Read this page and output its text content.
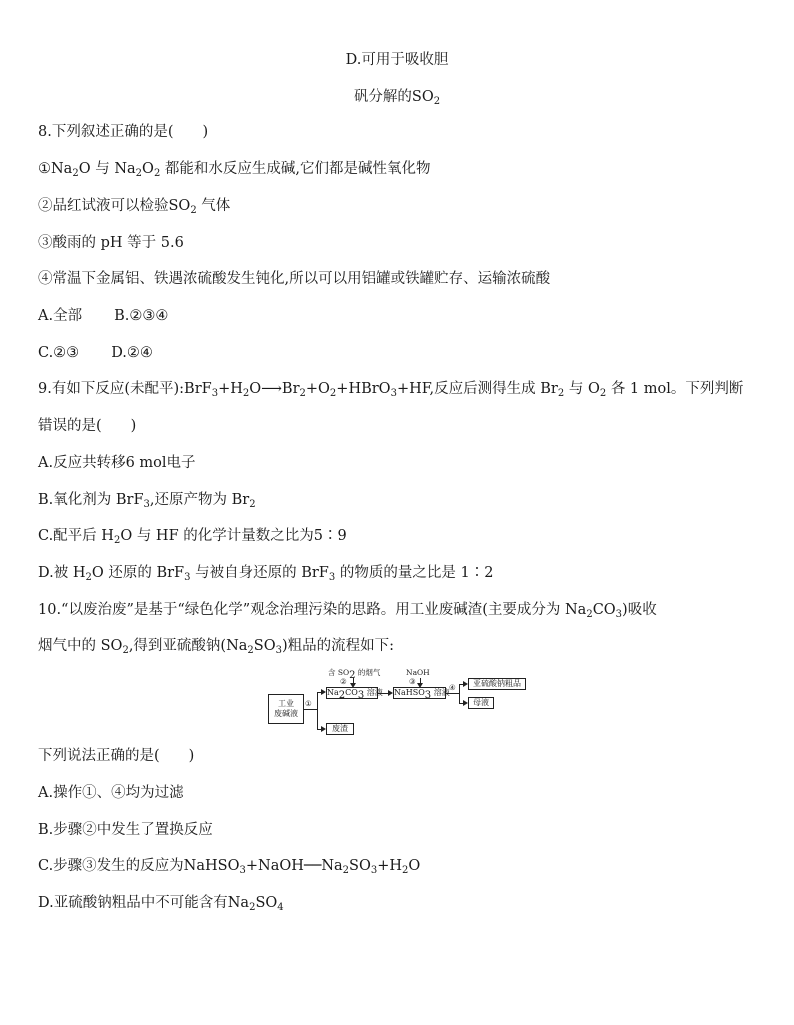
D.可用于吸收胆
矾分解的$SO_2$
8.下列叙述正确的是(　　)
$①Na_2O$ 与 $Na_2O_2$ 都能和水反应生成碱,它们都是碱性氧化物
②品红试液可以检验$SO_2$ 气体
③酸雨的 pH 等于 5.6
④常温下金属铝、铁遇浓硫酸发生钝化,所以可以用铝罐或铁罐贮存、运输浓硫酸
A.全部 B.②③④
C.②③ D.②④
9.有如下反应(未配平)$:BrF_3+H_2O⟶Br_2+O_2+HBrO_3+HF$,反应后测得生成 $Br_2$ 与 $O_2$ 各 1 mol。下列判断
错误的是(　　)
A.反应共转移6 mol电子
B.氧化剂为 BrF$_3$,还原产物为 $Br_2$
C.配平后 $H_2O$ 与 HF 的化学计量数之比为5∶9
D.被 $H_2O$ 还原的 BrF$_3$ 与被自身还原的 BrF$_3$ 的物质的量之比是 1∶2
10.“以废治废”是基于“绿色化学”观念治理污染的思路。用工业废碱渣(主要成分为 $Na_2CO_3$)吸收
烟气中的 $SO_2$,得到亚硫酸钠$(Na_2SO_3)$粗品的流程如下:
工业
废碱液
①
含 $SO_2$ 的烟气
②
$Na_2CO_3$ 溶液
废渣
NaOH
③
NaHSO$_3$ 溶液
④	亚硫酸钠粗品
母液
下列说法正确的是(　　)
A.操作①、④均为过滤
B.步骤②中发生了置换反应
C.步骤③发生的反应为$NaHSO_3+NaOH──Na_2SO_3+H_2O$
D.亚硫酸钠粗品中不可能含有$Na_2SO_4$
